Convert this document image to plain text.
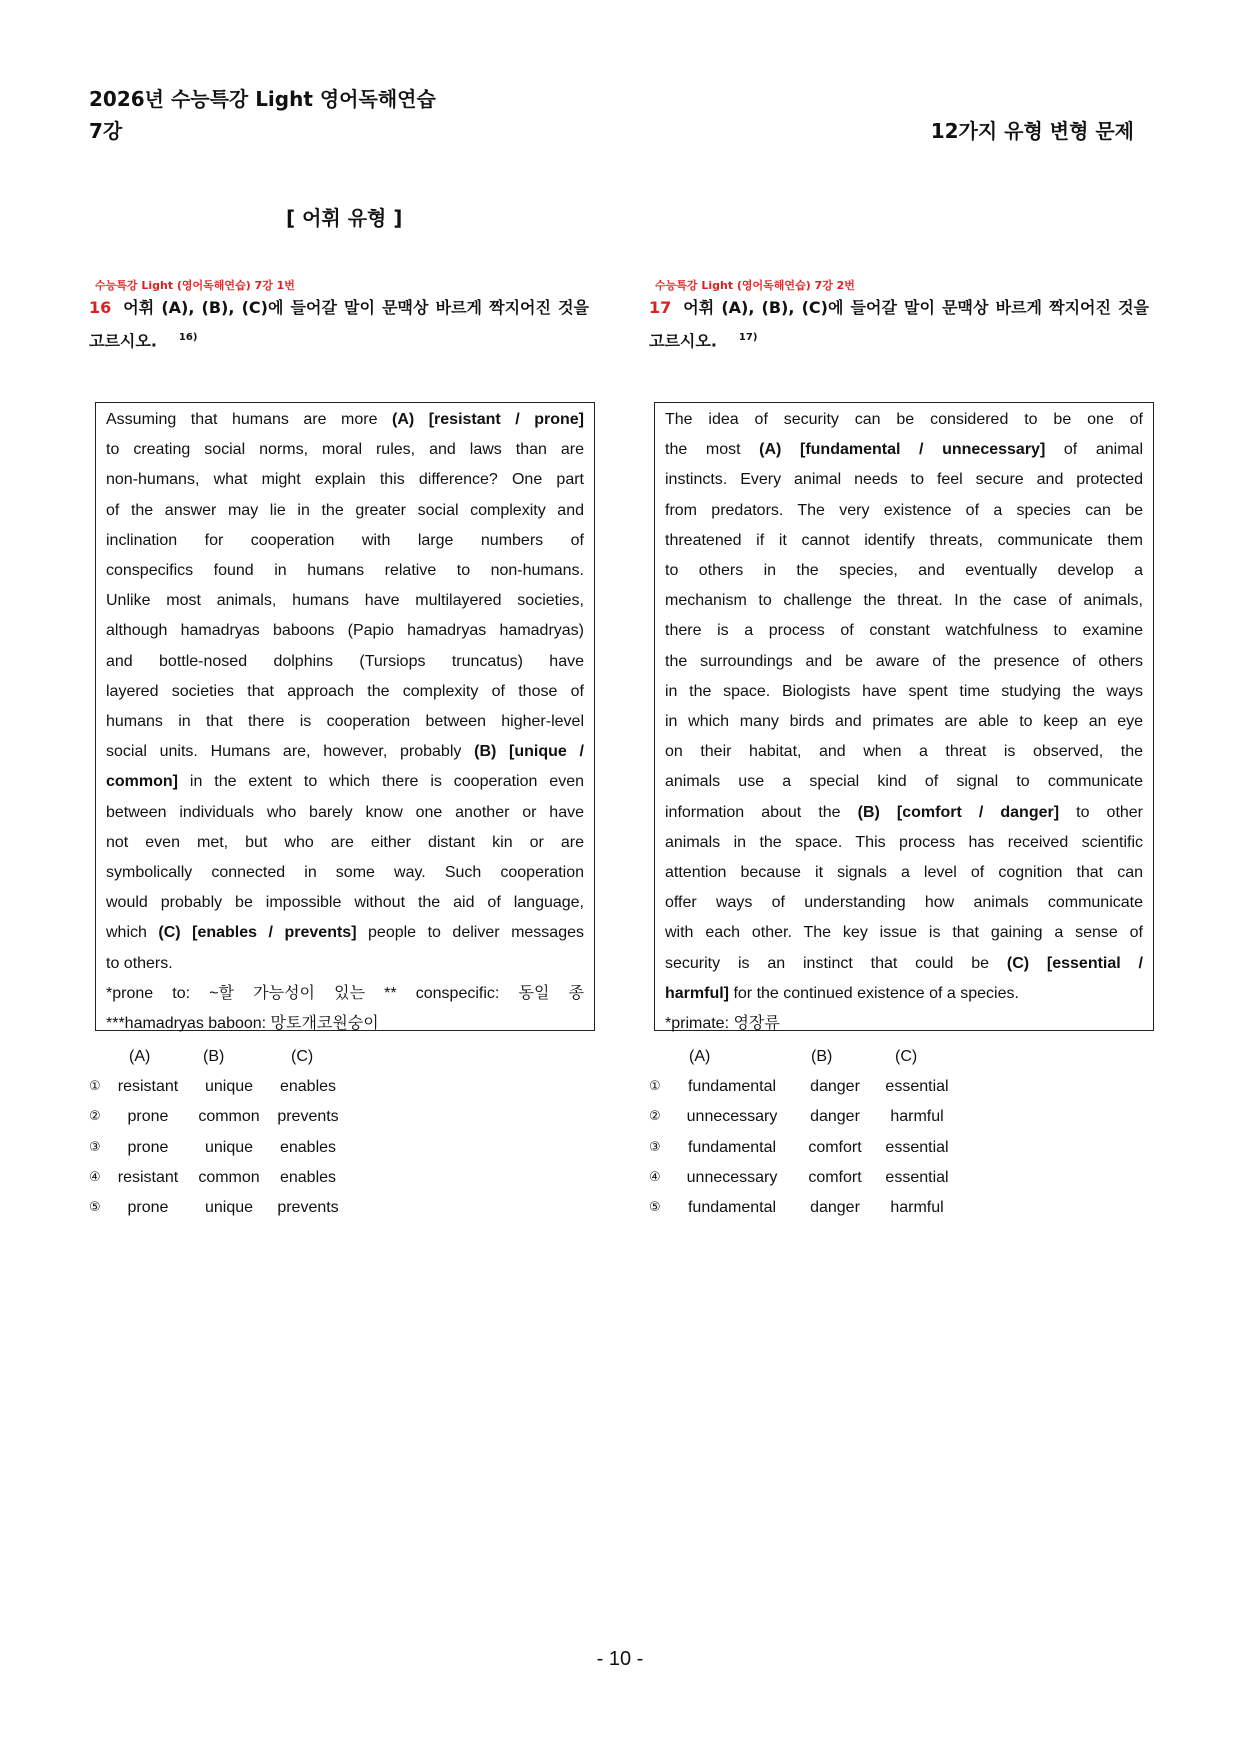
2026년 수능특강 Light 영어독해연습
7강	12가지 유형 변형 문제
[ 어휘 유형 ]
수능특강 Light (영어독해연습) 7강 1번
16 어휘 (A), (B), (C)에 들어갈 말이 문맥상 바르게 짝지어진 것을
고르시오. $^{16)}$

Assuming that humans are more (A) [resistant / prone]

to creating social norms, moral rules, and laws than are

non-humans, what might explain this difference? One part

of the answer may lie in the greater social complexity and

inclination for cooperation with large numbers of

conspecifics found in humans relative to non-humans.

Unlike most animals, humans have multilayered societies,

although hamadryas baboons (Papio hamadryas hamadryas)

and bottle-nosed dolphins (Tursiops truncatus) have

layered societies that approach the complexity of those of

humans in that there is cooperation between higher-level

social units. Humans are, however, probably (B) [unique /

common] in the extent to which there is cooperation even

between individuals who barely know one another or have

not even met, but who are either distant kin or are

symbolically connected in some way. Such cooperation

would probably be impossible without the aid of language,

which (C) [enables / prevents] people to deliver messages

to others.

*prone to: ~할 가능성이 있는 ** conspecific: 동일 종

***hamadryas baboon: 망토개코원숭이

(A)	(B)	(C)
①	resistant	unique	enables
②	prone	common	prevents
③	prone	unique	enables
④	resistant	common	enables
⑤	prone	unique	prevents
수능특강 Light (영어독해연습) 7강 2번
17 어휘 (A), (B), (C)에 들어갈 말이 문맥상 바르게 짝지어진 것을
고르시오. $^{17)}$

The idea of security can be considered to be one of

the most (A) [fundamental / unnecessary] of animal

instincts. Every animal needs to feel secure and protected

from predators. The very existence of a species can be

threatened if it cannot identify threats, communicate them

to others in the species, and eventually develop a

mechanism to challenge the threat. In the case of animals,

there is a process of constant watchfulness to examine

the surroundings and be aware of the presence of others

in the space. Biologists have spent time studying the ways

in which many birds and primates are able to keep an eye

on their habitat, and when a threat is observed, the

animals use a special kind of signal to communicate

information about the (B) [comfort / danger] to other

animals in the space. This process has received scientific

attention because it signals a level of cognition that can

offer ways of understanding how animals communicate

with each other. The key issue is that gaining a sense of

security is an instinct that could be (C) [essential /

harmful] for the continued existence of a species.

*primate: 영장류

(A)	(B)	(C)
①	fundamental	danger	essential
②	unnecessary	danger	harmful
③	fundamental	comfort	essential
④	unnecessary	comfort	essential
⑤	fundamental	danger	harmful
- 10 -
